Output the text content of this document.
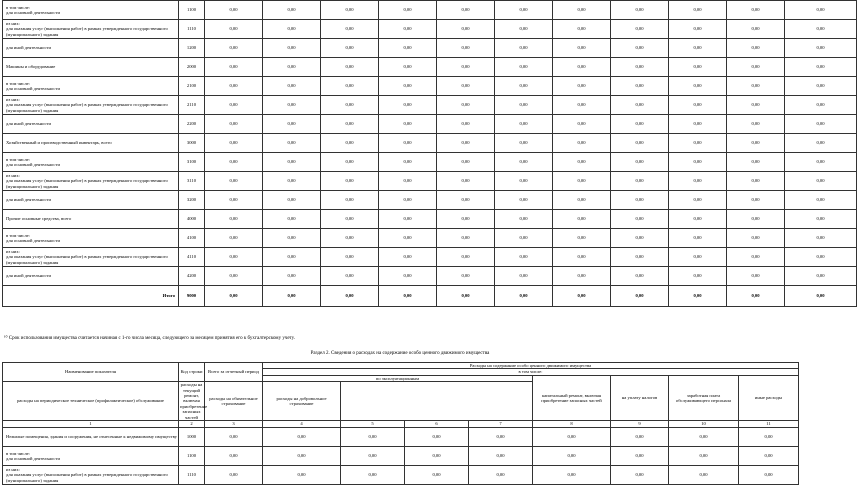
в том числе:
для основной деятельности	1100	0,00	0,00	0,00	0,00	0,00	0,00	0,00	0,00	0,00	0,00	0,00
из них:
для оказания услуг (выполнения работ) в рамках утвержденного государственного (муниципального) задания	1110	0,00	0,00	0,00	0,00	0,00	0,00	0,00	0,00	0,00	0,00	0,00
для иной деятельности	1200	0,00	0,00	0,00	0,00	0,00	0,00	0,00	0,00	0,00	0,00	0,00
Машины и оборудование	2000	0,00	0,00	0,00	0,00	0,00	0,00	0,00	0,00	0,00	0,00	0,00
в том числе:
для основной деятельности	2100	0,00	0,00	0,00	0,00	0,00	0,00	0,00	0,00	0,00	0,00	0,00
из них:
для оказания услуг (выполнения работ) в рамках утвержденного государственного (муниципального) задания	2110	0,00	0,00	0,00	0,00	0,00	0,00	0,00	0,00	0,00	0,00	0,00
для иной деятельности	2200	0,00	0,00	0,00	0,00	0,00	0,00	0,00	0,00	0,00	0,00	0,00
Хозяйственный и производственный инвентарь, всего	3000	0,00	0,00	0,00	0,00	0,00	0,00	0,00	0,00	0,00	0,00	0,00
в том числе:
для основной деятельности	3100	0,00	0,00	0,00	0,00	0,00	0,00	0,00	0,00	0,00	0,00	0,00
из них:
для оказания услуг (выполнения работ) в рамках утвержденного государственного (муниципального) задания	3110	0,00	0,00	0,00	0,00	0,00	0,00	0,00	0,00	0,00	0,00	0,00
для иной деятельности	3200	0,00	0,00	0,00	0,00	0,00	0,00	0,00	0,00	0,00	0,00	0,00
Прочие основные средства, всего	4000	0,00	0,00	0,00	0,00	0,00	0,00	0,00	0,00	0,00	0,00	0,00
в том числе:
для основной деятельности	4100	0,00	0,00	0,00	0,00	0,00	0,00	0,00	0,00	0,00	0,00	0,00
из них:
для оказания услуг (выполнения работ) в рамках утвержденного государственного (муниципального) задания	4110	0,00	0,00	0,00	0,00	0,00	0,00	0,00	0,00	0,00	0,00	0,00
для иной деятельности	4200	0,00	0,00	0,00	0,00	0,00	0,00	0,00	0,00	0,00	0,00	0,00
Итого	9000	0,00	0,00	0,00	0,00	0,00	0,00	0,00	0,00	0,00	0,00	0,00
¹⁰ Срок использования имущества считается начиная с 1-го числа месяца, следующего за месяцем принятия его к бухгалтерскому учету.
Раздел 2. Сведения о расходах на содержание особо ценного движимого имущества
Наименование показателя	Код строки	Всего за отчетный период	Расходы на содержание особо ценного движимого имущества							
			в том числе:							
			по эксплуатационным				капитальный ремонт, включая приобретение запасных частей	на уплату налогов	заработная плата обслуживающего персонала	иные расходы
расходы на периодическое техническое (профилактическое) обслуживание	расходы на текущий ремонт, включая приобретение запасных частей	расходы на обязательное страхование	расходы на добровольное страхование							
1	2	3	4	5	6	7	8	9	10	11
Нежилые помещения, здания и сооружения, не отнесенные к недвижимому имуществу	1000	0,00	0,00	0,00	0,00	0,00	0,00	0,00	0,00	0,00
в том числе:
для основной деятельности	1100	0,00	0,00	0,00	0,00	0,00	0,00	0,00	0,00	0,00
из них:
для оказания услуг (выполнения работ) в рамках утвержденного государственного (муниципального) задания	1110	0,00	0,00	0,00	0,00	0,00	0,00	0,00	0,00	0,00
